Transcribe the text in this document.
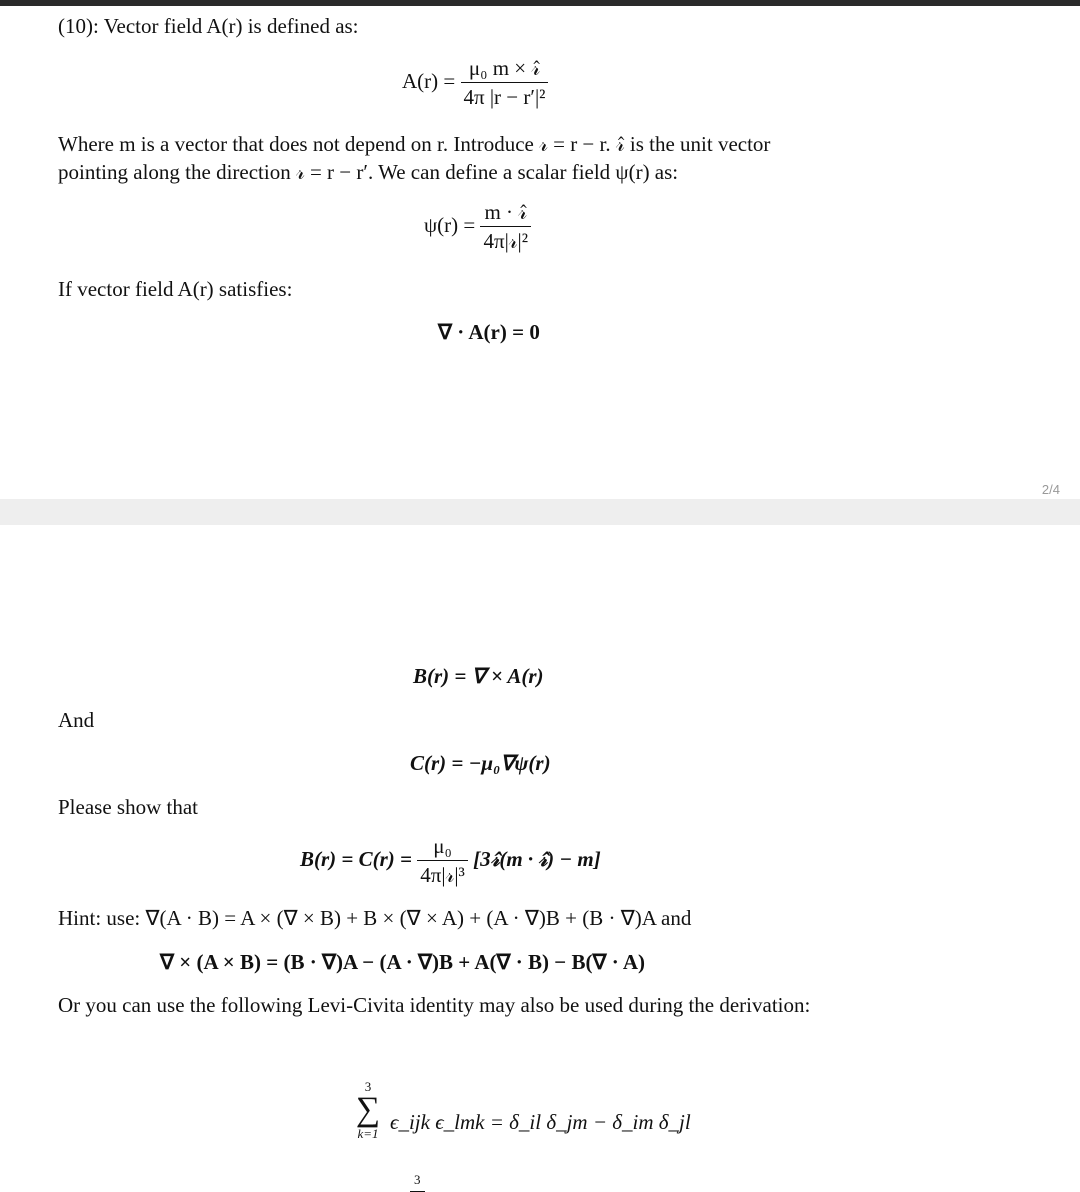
(10): Vector field A(r) is defined as:
$A(r) = \frac{\text{μ₀ m × 𝓇̂}}{\text{4π |r − r′|²}}$
Where m is a vector that does not depend on r. Introduce 𝓇 = r − r. 𝓇̂ is the unit vector
pointing along the direction 𝓇 = r − r′. We can define a scalar field ψ(r) as:
$\psi(r) = \frac{\text{m · 𝓇̂}}{\text{4π|𝓇|²}}$
If vector field A(r) satisfies:
∇ · A(r) = 0
2/4
B(r) = ∇ × A(r)
And
C(r) = −μ₀∇ψ(r)
Please show that
$B(r) = C(r) = \frac{\text{μ₀}}{\text{4π|𝓇|³}}$ [3𝓇̂(m · 𝓇̂) − m]
Hint: use: ∇(A · B) = A × (∇ × B) + B × (∇ × A) + (A · ∇)B + (B · ∇)A and
∇ × (A × B) = (B · ∇)A − (A · ∇)B + A(∇ · B) − B(∇ · A)
Or you can use the following Levi-Civita identity may also be used during the derivation:
3
∑
k=1 ϵ_ijk ϵ_lmk = δ_il δ_jm − δ_im δ_jl
3
